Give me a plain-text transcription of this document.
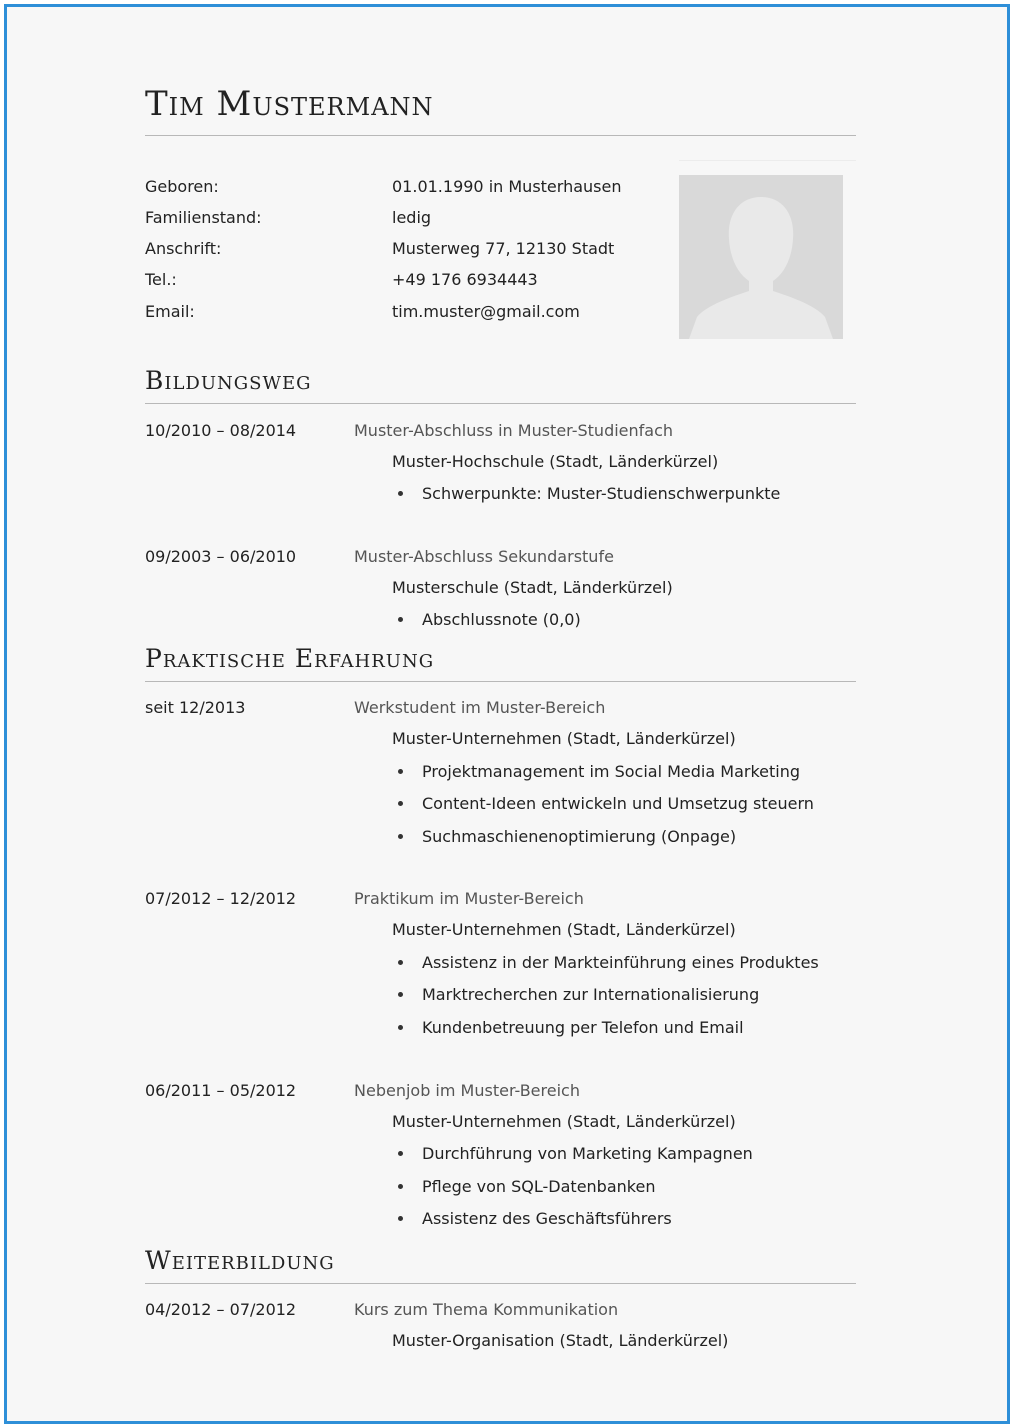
Tim Mustermann
Geboren:	01.01.1990 in Musterhausen
Familienstand:	ledig
Anschrift:	Musterweg 77, 12130 Stadt
Tel.:	+49 176 6934443
Email:	tim.muster@gmail.com
Bildungsweg
10/2010 – 08/2014	Muster-Abschluss in Muster-Studienfach
Muster-Hochschule (Stadt, Länderkürzel)
Schwerpunkte: Muster-Studienschwerpunkte
09/2003 – 06/2010	Muster-Abschluss Sekundarstufe
Musterschule (Stadt, Länderkürzel)
Abschlussnote (0,0)
Praktische Erfahrung
seit 12/2013	Werkstudent im Muster-Bereich
Muster-Unternehmen (Stadt, Länderkürzel)
Projektmanagement im Social Media Marketing
Content-Ideen entwickeln und Umsetzug steuern
Suchmaschienenoptimierung (Onpage)
07/2012 – 12/2012	Praktikum im Muster-Bereich
Muster-Unternehmen (Stadt, Länderkürzel)
Assistenz in der Markteinführung eines Produktes
Marktrecherchen zur Internationalisierung
Kundenbetreuung per Telefon und Email
06/2011 – 05/2012	Nebenjob im Muster-Bereich
Muster-Unternehmen (Stadt, Länderkürzel)
Durchführung von Marketing Kampagnen
Pflege von SQL-Datenbanken
Assistenz des Geschäftsführers
Weiterbildung
04/2012 – 07/2012	Kurs zum Thema Kommunikation
Muster-Organisation (Stadt, Länderkürzel)
